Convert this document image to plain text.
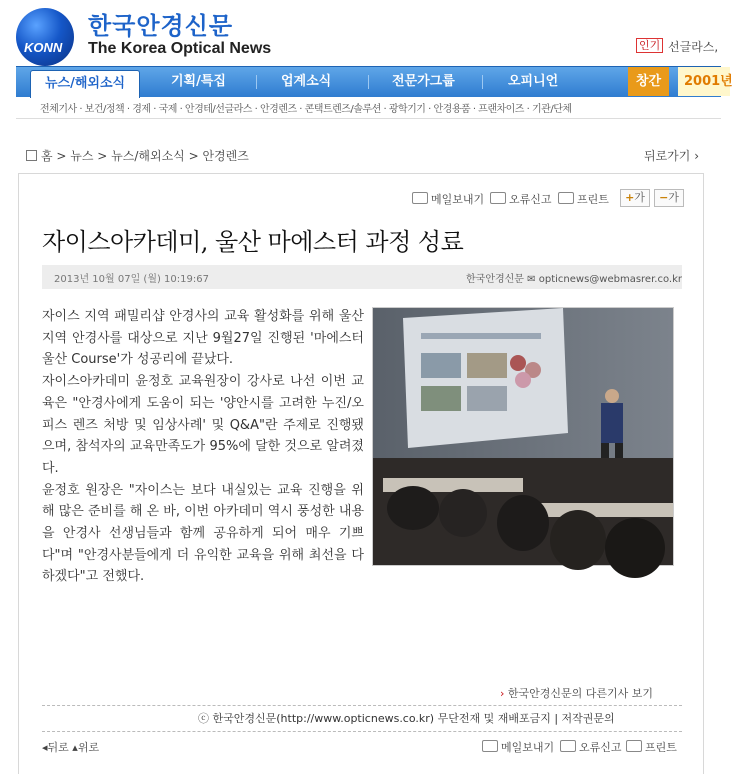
KONN
한국안경신문
The Korea Optical News	인기 선글라스,
뉴스/해외소식	기획/특집	업계소식	전문가그룹	오피니언	창간	2001년
전체기사 · 보건/정책 · 경제 · 국제 · 안경테/선글라스 · 안경렌즈 · 콘택트렌즈/솔루션 · 광학기기 · 안경용품 · 프랜차이즈 · 기관/단체
홈 > 뉴스 > 뉴스/해외소식 > 안경렌즈	뒤로가기 ›
메일보내기	오류신고	프린트	+가	−가
자이스아카데미, 울산 마에스터 과정 성료
2013년 10월 07일 (월) 10:19:67	한국안경신문 ✉ opticnews@webmasrer.co.kr

자이스 지역 패밀리샵 안경사의 교육 활성화를 위해 울산 지역 안경사를 대상으로 지난 9월27일 진행된 '마에스터 울산 Course'가 성공리에 끝났다.

자이스아카데미 윤정호 교육원장이 강사로 나선 이번 교육은 "안경사에게 도움이 되는 '양안시를 고려한 누진/오피스 렌즈 처방 및 임상사례' 및 Q&A"란 주제로 진행됐으며, 참석자의 교육만족도가 95%에 달한 것으로 알려졌다.

윤정호 원장은 "자이스는 보다 내실있는 교육 진행을 위해 많은 준비를 해 온 바, 이번 아카데미 역시 풍성한 내용을 안경사 선생님들과 함께 공유하게 되어 매우 기쁘다"며 "안경사분들에게 더 유익한 교육을 위해 최선을 다하겠다"고 전했다.

› 한국안경신문의 다른기사 보기
ⓒ 한국안경신문(http://www.opticnews.co.kr) 무단전재 및 재배포금지 | 저작권문의
◂뒤로 ▴위로	메일보내기	오류신고	프린트
